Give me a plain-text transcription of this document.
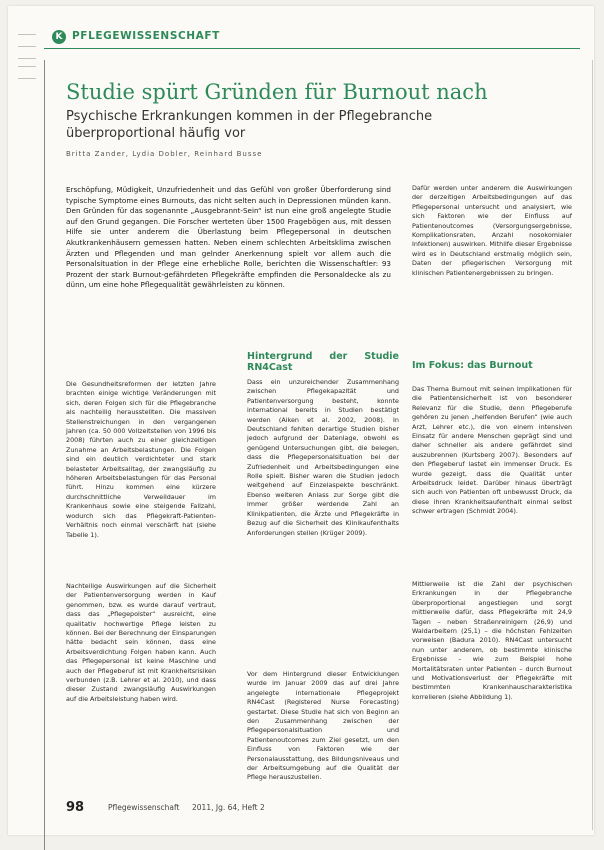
K PFLEGEWISSENSCHAFT
Studie spürt Gründen für Burnout nach
Psychische Erkrankungen kommen in der Pflegebranche überproportional häufig vor
Britta Zander, Lydia Dobler, Reinhard Busse
Erschöpfung, Müdigkeit, Unzufriedenheit und das Gefühl von großer Überforderung sind typische Symptome eines Burnouts, das nicht selten auch in Depressionen münden kann. Den Gründen für das sogenannte „Ausgebrannt-Sein“ ist nun eine groß angelegte Studie auf den Grund gegangen. Die Forscher werteten über 1500 Fragebögen aus, mit dessen Hilfe sie unter anderem die Überlastung beim Pflegepersonal in deutschen Akutkrankenhäusern gemessen hatten. Neben einem schlechten Arbeitsklima zwischen Ärzten und Pflegenden und man gelnder Anerkennung spielt vor allem auch die Personalsituation in der Pflege eine erhebliche Rolle, berichten die Wissenschaftler: 93 Prozent der stark Burnout-gefährdeten Pflegekräfte empfinden die Personaldecke als zu dünn, um eine hohe Pflegequalität gewährleisten zu können.
Die Gesundheitsreformen der letzten Jahre brachten einige wichtige Veränderungen mit sich, deren Folgen sich für die Pflegebranche als nachteilig herausstellten. Die massiven Stellenstreichungen in den vergangenen Jahren (ca. 50 000 Vollzeitstellen von 1996 bis 2008) führten auch zu einer gleichzeitigen Zunahme an Arbeitsbelastungen. Die Folgen sind ein deutlich verdichteter und stark belasteter Arbeitsalltag, der zwangsläufig zu höheren Arbeitsbelastungen für das Personal führt. Hinzu kommen eine kürzere durchschnittliche Verweildauer im Krankenhaus sowie eine steigende Fallzahl, wodurch sich das Pflegekraft-Patienten-Verhältnis noch einmal verschärft hat (siehe Tabelle 1).
Nachteilige Auswirkungen auf die Sicherheit der Patientenversorgung werden in Kauf genommen, bzw. es wurde darauf vertraut, dass das „Pflegepolster“ ausreicht, eine qualitativ hochwertige Pflege leisten zu können. Bei der Berechnung der Einsparungen hätte bedacht sein können, dass eine Arbeitsverdichtung Folgen haben kann. Auch das Pflegepersonal ist keine Maschine und auch der Pflegeberuf ist mit Krankheitsrisiken verbunden (z.B. Lehrer et al. 2010), und dass dieser Zustand zwangsläufig Auswirkungen auf die Arbeitsleistung haben wird.
Hintergrund der Studie RN4Cast
Dass ein unzureichender Zusammenhang zwischen Pflegekapazität und Patientenversorgung besteht, konnte international bereits in Studien bestätigt werden (Aiken et al. 2002, 2008). In Deutschland fehlten derartige Studien bisher jedoch aufgrund der Datenlage, obwohl es genügend Untersuchungen gibt, die belegen, dass die Pflegepersonalsituation bei der Zufriedenheit und Arbeitsbedingungen eine Rolle spielt. Bisher waren die Studien jedoch weitgehend auf Einzelaspekte beschränkt. Ebenso weiteren Anlass zur Sorge gibt die immer größer werdende Zahl an Klinikpatienten, die Ärzte und Pflegekräfte in Bezug auf die Sicherheit des Klinikaufenthalts Anforderungen stellen (Krüger 2009).
Vor dem Hintergrund dieser Entwicklungen wurde im Januar 2009 das auf drei Jahre angelegte internationale Pflegeprojekt RN4Cast (Registered Nurse Forecasting) gestartet. Diese Studie hat sich von Beginn an den Zusammenhang zwischen der Pflegepersonalsituation und Patientenoutcomes zum Ziel gesetzt, um den Einfluss von Faktoren wie der Personalausstattung, des Bildungsniveaus und der Arbeitsumgebung auf die Qualität der Pflege herauszustellen.
Dafür werden unter anderem die Auswirkungen der derzeitigen Arbeitsbedingungen auf das Pflegepersonal untersucht und analysiert, wie sich Faktoren wie der Einfluss auf Patientenoutcomes (Versorgungsergebnisse, Komplikationsraten, Anzahl nosokomialer Infektionen) auswirken. Mithilfe dieser Ergebnisse wird es in Deutschland erstmalig möglich sein, Daten der pflegerischen Versorgung mit klinischen Patientenergebnissen zu bringen.
Im Fokus: das Burnout
Das Thema Burnout mit seinen Implikationen für die Patientensicherheit ist von besonderer Relevanz für die Studie, denn Pflegeberufe gehören zu jenen „helfenden Berufen“ (wie auch Arzt, Lehrer etc.), die von einem intensiven Einsatz für andere Menschen geprägt sind und daher schneller als andere gefährdet sind auszubrennen (Kurtsberg 2007). Besonders auf den Pflegeberuf lastet ein immenser Druck. Es wurde gezeigt, dass die Qualität unter Arbeitsdruck leidet. Darüber hinaus überträgt sich auch von Patienten oft unbewusst Druck, da diese ihren Krankheitsaufenthalt einmal selbst schwer ertragen (Schmidt 2004).
Mittlerweile ist die Zahl der psychischen Erkrankungen in der Pflegebranche überproportional angestiegen und sorgt mittlerweile dafür, dass Pflegekräfte mit 24,9 Tagen – neben Straßenreinigern (26,9) und Waldarbeitern (25,1) – die höchsten Fehlzeiten vorweisen (Badura 2010). RN4Cast untersucht nun unter anderem, ob bestimmte klinische Ergebnisse – wie zum Beispiel hohe Mortalitätsraten unter Patienten – durch Burnout und Motivationsverlust der Pflegekräfte mit bestimmten Krankenhauscharakteristika korrelieren (siehe Abbildung 1).
98	Pflegewissenschaft 2011, Jg. 64, Heft 2
